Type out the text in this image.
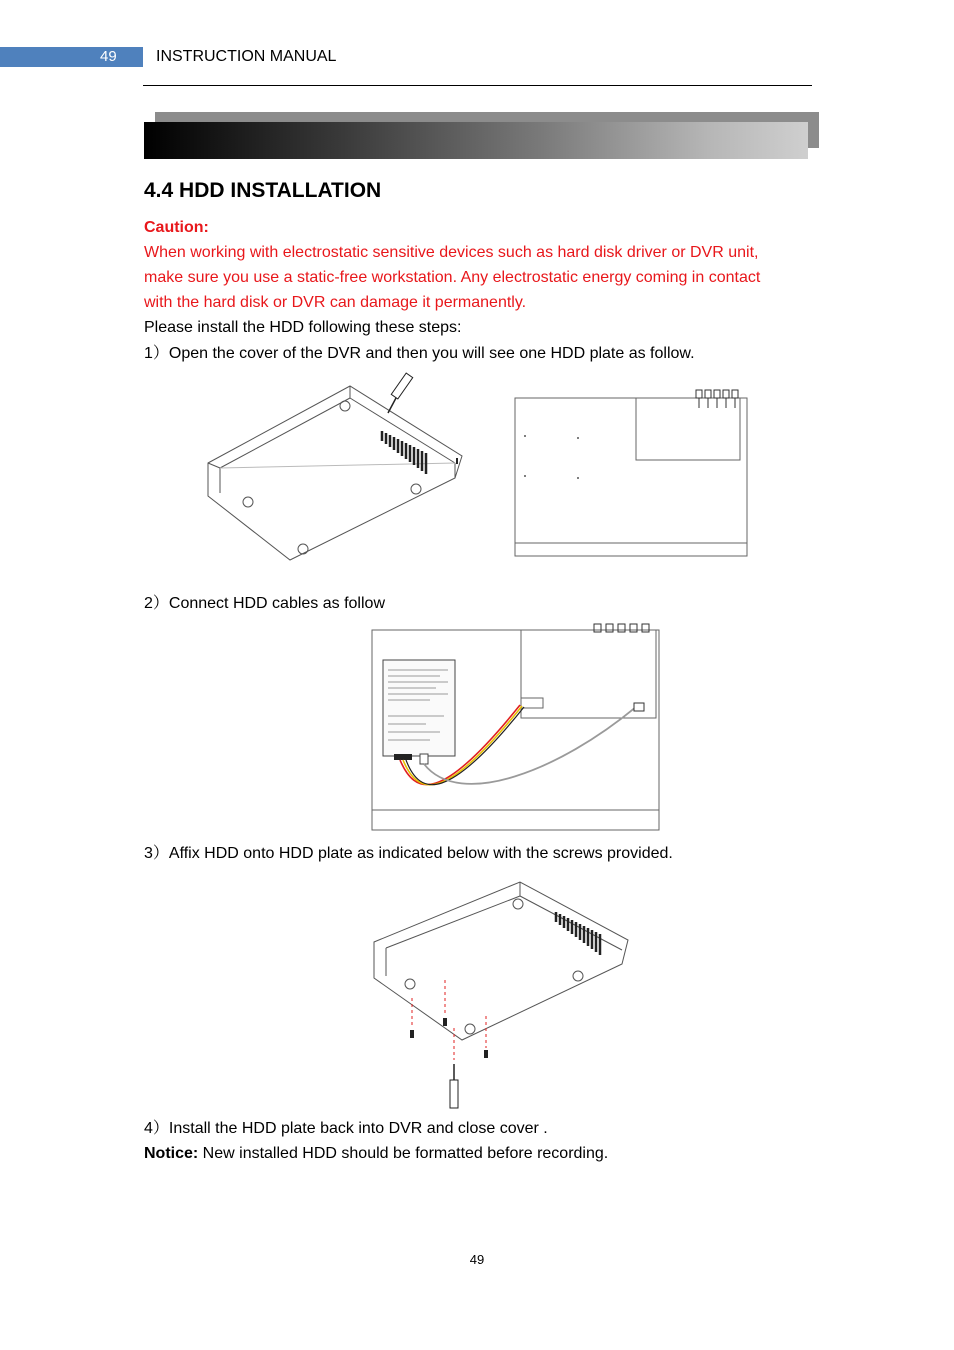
49	INSTRUCTION MANUAL
4.4 HDD INSTALLATION
Caution:
When working with electrostatic sensitive devices such as hard disk driver or DVR unit,
make sure you use a static-free workstation. Any electrostatic energy coming in contact
with the hard disk or DVR can damage it permanently.
Please install the HDD following these steps:
1）Open the cover of the DVR and then you will see one HDD plate as follow.
2）Connect HDD cables as follow
3）Affix HDD onto HDD plate as indicated below with the screws provided.
4）Install the HDD plate back into DVR and close cover .
Notice: New installed HDD should be formatted before recording.
49
